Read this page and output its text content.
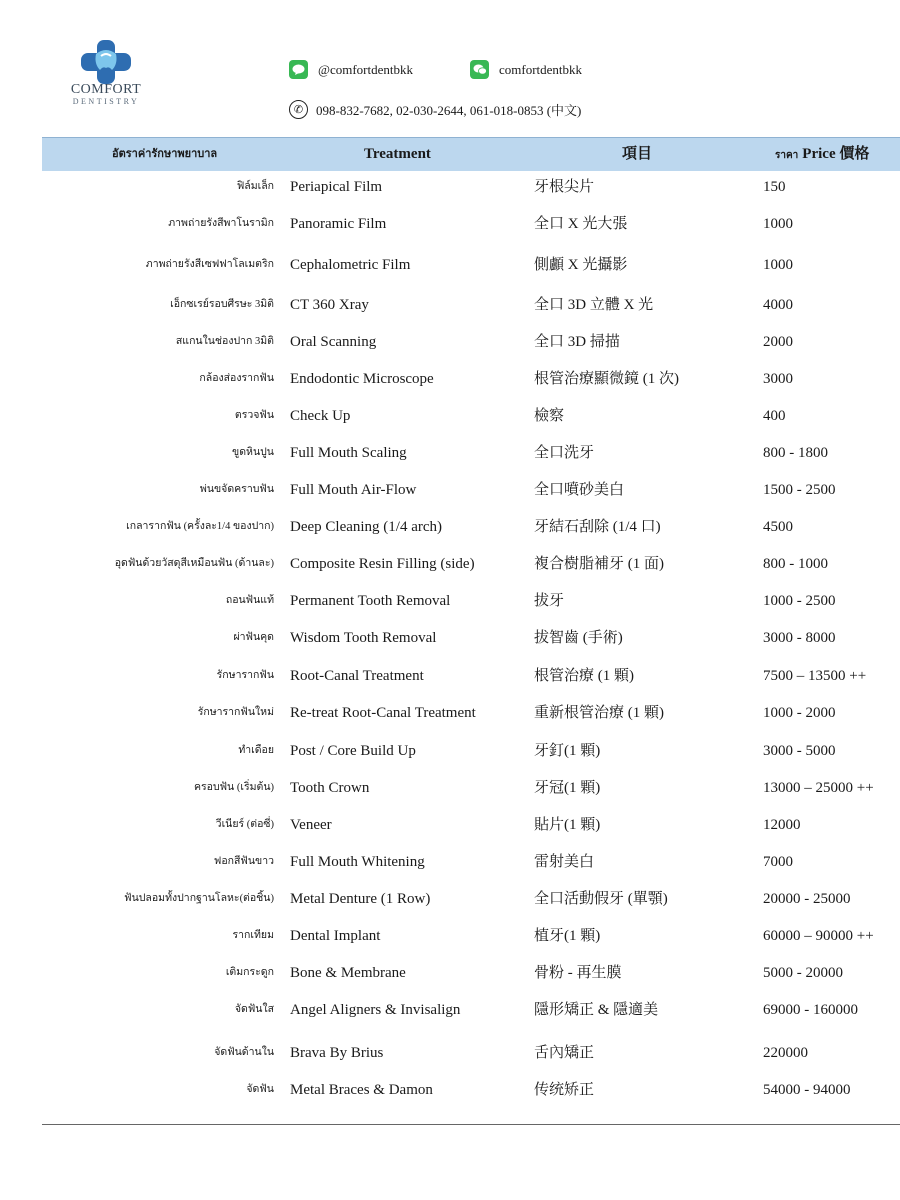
COMFORT
DENTISTRY
@comfortdentbkk	comfortdentbkk
✆ 098-832-7682, 02-030-2644, 061-018-0853 (中文)
อัตราค่ารักษาพยาบาล	Treatment	項目	ราคา Price 價格
ฟิล์มเล็ก Periapical Film	牙根尖片	150
ภาพถ่ายรังสีพาโนรามิก Panoramic Film	全口 X 光大張	1000
ภาพถ่ายรังสีเซฟฟาโลเมตริก Cephalometric Film	側顱 X 光攝影	1000
เอ็กซเรย์รอบศีรษะ 3มิติ CT 360 Xray	全口 3D 立體 X 光	4000
สแกนในช่องปาก 3มิติ Oral Scanning	全口 3D 掃描	2000
กล้องส่องรากฟัน Endodontic Microscope	根管治療顯微鏡 (1 次)	3000
ตรวจฟัน Check Up	檢察	400
ขูดหินปูน Full Mouth Scaling	全口洗牙	800 - 1800
พ่นขจัดคราบฟัน Full Mouth Air-Flow	全口噴砂美白	1500 - 2500
เกลารากฟัน (ครั้งละ1/4 ของปาก) Deep Cleaning (1/4 arch)	牙結石刮除 (1/4 口)	4500
อุดฟันด้วยวัสดุสีเหมือนฟัน (ด้านละ) Composite Resin Filling (side)	複合樹脂補牙 (1 面)	800 - 1000
ถอนฟันแท้ Permanent Tooth Removal	拔牙	1000 - 2500
ผ่าฟันคุด Wisdom Tooth Removal	拔智齒 (手術)	3000 - 8000
รักษารากฟัน Root-Canal Treatment	根管治療 (1 顆)	7500 – 13500 ++
รักษารากฟันใหม่ Re-treat Root-Canal Treatment	重新根管治療 (1 顆)	1000 - 2000
ทำเดือย Post / Core Build Up	牙釘(1 顆)	3000 - 5000
ครอบฟัน (เริ่มต้น) Tooth Crown	牙冠(1 顆)	13000 – 25000 ++
วีเนียร์ (ต่อซี่) Veneer	貼片(1 顆)	12000
ฟอกสีฟันขาว Full Mouth Whitening	雷射美白	7000
ฟันปลอมทั้งปากฐานโลหะ(ต่อชิ้น) Metal Denture (1 Row)	全口活動假牙 (單顎)	20000 - 25000
รากเทียม Dental Implant	植牙(1 顆)	60000 – 90000 ++
เติมกระดูก Bone & Membrane	骨粉 - 再生膜	5000 - 20000
จัดฟันใส Angel Aligners & Invisalign	隱形矯正 & 隱適美	69000 - 160000
จัดฟันด้านใน Brava By Brius	舌內矯正	220000
จัดฟัน Metal Braces & Damon	传统矫正	54000 - 94000
